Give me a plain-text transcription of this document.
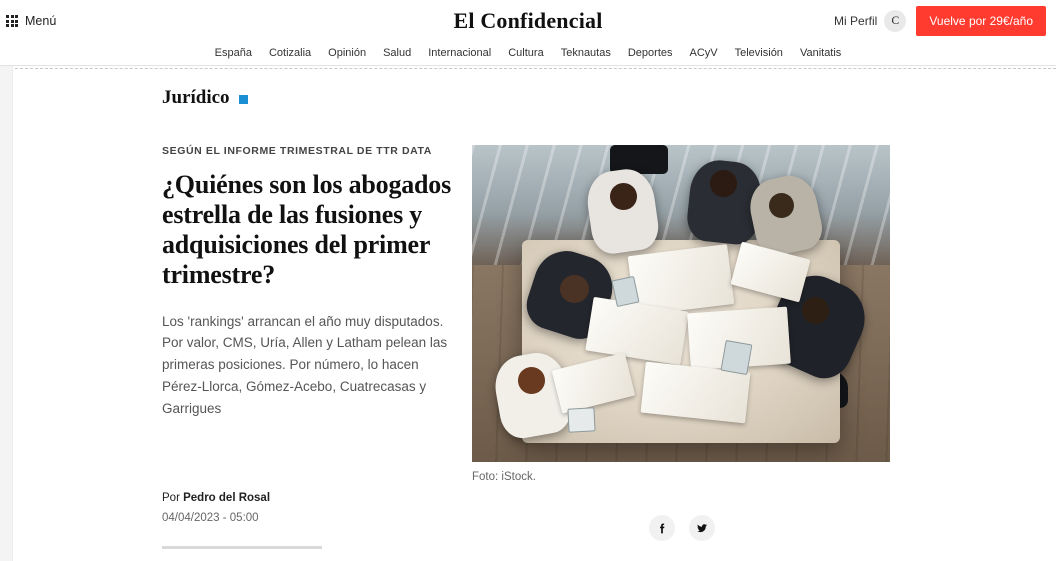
Menú	El Confidencial	Mi Perfil	C	Vuelve por 29€/año
España Cotizalia Opinión Salud Internacional Cultura Teknautas Deportes ACyV Televisión Vanitatis
Jurídico
SEGÚN EL INFORME TRIMESTRAL DE TTR DATA
¿Quiénes son los abogados estrella de las fusiones y adquisiciones del primer trimestre?
Los 'rankings' arrancan el año muy disputados. Por valor, CMS, Uría, Allen y Latham pelean las primeras posiciones. Por número, lo hacen Pérez-Llorca, Gómez-Acebo, Cuatrecasas y Garrigues
Por Pedro del Rosal
04/04/2023 - 05:00
Foto: iStock.
